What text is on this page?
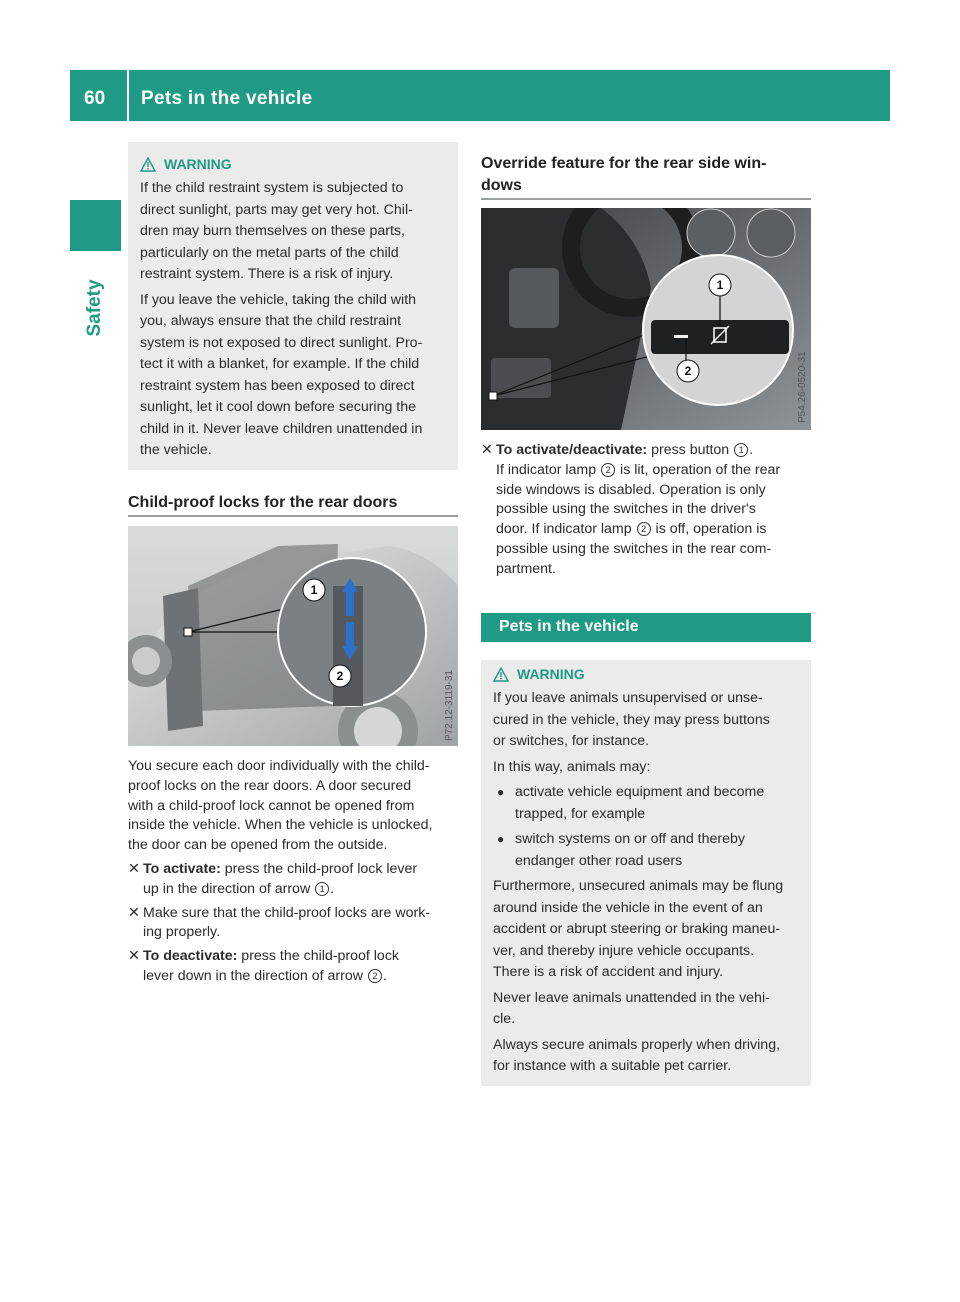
60 Pets in the vehicle
Safety
WARNING

If the child restraint system is subjected to

direct sunlight, parts may get very hot. Chil-

dren may burn themselves on these parts,

particularly on the metal parts of the child

restraint system. There is a risk of injury.

If you leave the vehicle, taking the child with

you, always ensure that the child restraint

system is not exposed to direct sunlight. Pro-

tect it with a blanket, for example. If the child

restraint system has been exposed to direct

sunlight, let it cool down before securing the

child in it. Never leave children unattended in

the vehicle.

Child-proof locks for the rear doors
1
2	P72.12-3119-31

You secure each door individually with the child-

proof locks on the rear doors. A door secured

with a child-proof lock cannot be opened from

inside the vehicle. When the vehicle is unlocked,

the door can be opened from the outside.

✕ To activate: press the child-proof lock lever
up in the direction of arrow 1 .
✕ Make sure that the child-proof locks are work-
ing properly.
✕ To deactivate: press the child-proof lock
lever down in the direction of arrow 2 .
Override feature for the rear side win-
dows
1
2	P54.26-0520-31
✕ To activate/deactivate: press button 1 .
If indicator lamp 2 is lit, operation of the rear
side windows is disabled. Operation is only
possible using the switches in the driver's
door. If indicator lamp 2 is off, operation is
possible using the switches in the rear com-
partment.
Pets in the vehicle
WARNING

If you leave animals unsupervised or unse-

cured in the vehicle, they may press buttons

or switches, for instance.

In this way, animals may:

● activate vehicle equipment and become
trapped, for example
● switch systems on or off and thereby
endanger other road users

Furthermore, unsecured animals may be flung

around inside the vehicle in the event of an

accident or abrupt steering or braking maneu-

ver, and thereby injure vehicle occupants.

There is a risk of accident and injury.

Never leave animals unattended in the vehi-

cle.

Always secure animals properly when driving,

for instance with a suitable pet carrier.
